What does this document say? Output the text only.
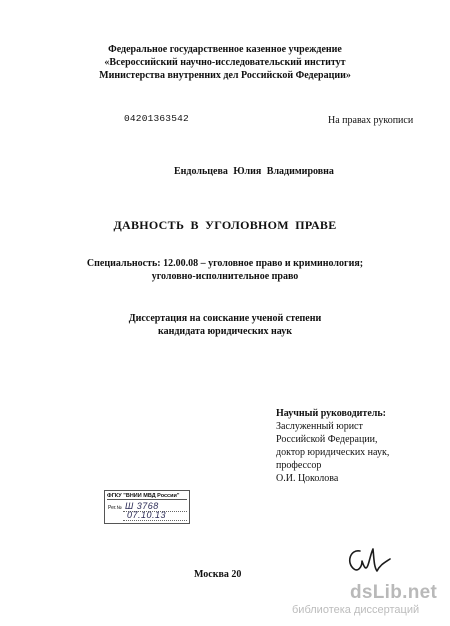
Федеральное государственное казенное учреждение
«Всероссийский научно-исследовательский институт
Министерства внутренних дел Российской Федерации»
04201363542	На правах рукописи
Ендольцева Юлия Владимировна
ДАВНОСТЬ В УГОЛОВНОМ ПРАВЕ
Специальность: 12.00.08 – уголовное право и криминология;
уголовно-исполнительное право
Диссертация на соискание ученой степени
кандидата юридических наук
Научный руководитель:
Заслуженный юрист
Российской Федерации,
доктор юридических наук,
профессор
О.И. Цоколова
ФГКУ "ВНИИ МВД России"
Рег.№ Ш 3768
07.10.13
Москва 20
dsLib.net
библиотека диссертаций
